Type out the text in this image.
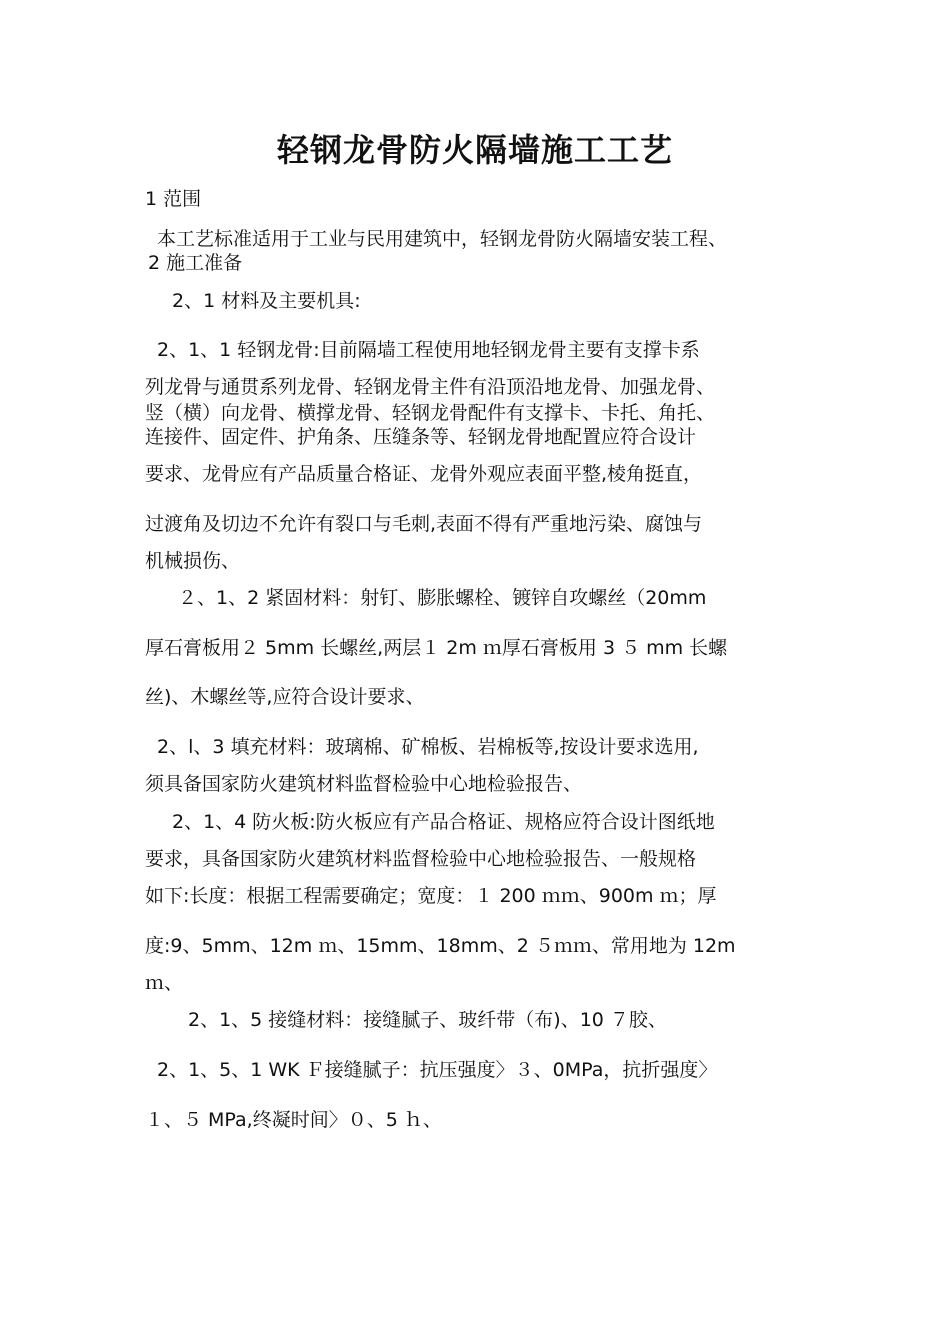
轻钢龙骨防火隔墙施工工艺
1 范围
本工艺标准适用于工业与民用建筑中，轻钢龙骨防火隔墙安装工程、
2 施工准备
2、1 材料及主要机具:
2、1、1 轻钢龙骨:目前隔墙工程使用地轻钢龙骨主要有支撑卡系
列龙骨与通贯系列龙骨、轻钢龙骨主件有沿顶沿地龙骨、加强龙骨、
竖（横）向龙骨、横撑龙骨、轻钢龙骨配件有支撑卡、卡托、角托、
连接件、固定件、护角条、压缝条等、轻钢龙骨地配置应符合设计
要求、龙骨应有产品质量合格证、龙骨外观应表面平整,棱角挺直，
过渡角及切边不允许有裂口与毛刺,表面不得有严重地污染、腐蚀与
机械损伤、
２、1、2 紧固材料：射钉、膨胀螺栓、镀锌自攻螺丝（20mm
厚石膏板用２ 5mm 长螺丝,两层１ 2m ｍ厚石膏板用 3 ５ mm 长螺
丝)、木螺丝等,应符合设计要求、
2、l、3 填充材料：玻璃棉、矿棉板、岩棉板等,按设计要求选用,
须具备国家防火建筑材料监督检验中心地检验报告、
2、1、4 防火板:防火板应有产品合格证、规格应符合设计图纸地
要求，具备国家防火建筑材料监督检验中心地检验报告、一般规格
如下:长度：根据工程需要确定；宽度：１ 200 ｍｍ、900m ｍ；厚
度:9、5mm、12m ｍ、15mm、18mm、2 ５ｍｍ、常用地为 12m
ｍ、
2、1、5 接缝材料：接缝腻子、玻纤带（布)、10 ７胶、
2、1、5、1 WK Ｆ接缝腻子：抗压强度〉３、0MPa，抗折强度〉
１、５ MPa,终凝时间〉０、5 ｈ、
